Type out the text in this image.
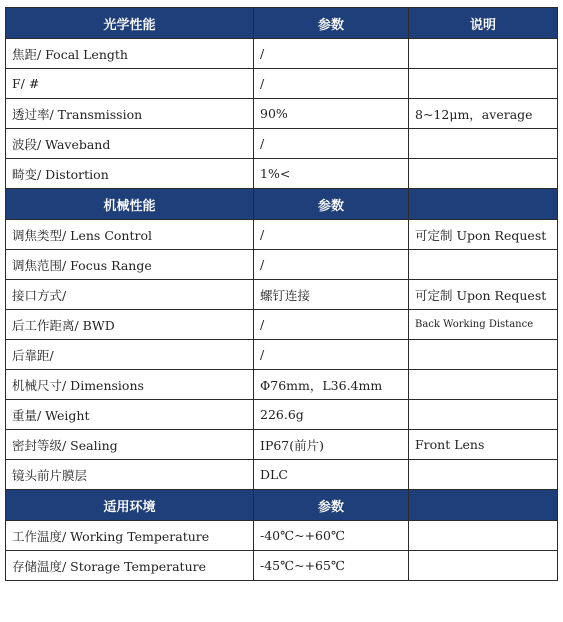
光学性能	参数	说明
焦距/ Focal Length	/	
F/ #	/	
透过率/ Transmission	90%	8~12μm，average
波段/ Waveband	/	
畸变/ Distortion	1%<	
机械性能	参数	
调焦类型/ Lens Control	/	可定制 Upon Request
调焦范围/ Focus Range	/	
接口方式/	螺钉连接	可定制 Upon Request
后工作距离/ BWD	/	Back Working Distance
后靠距/	/	
机械尺寸/ Dimensions	Φ76mm，L36.4mm	
重量/ Weight	226.6g	
密封等级/ Sealing	IP67(前片)	Front Lens
镜头前片膜层	DLC	
适用环境	参数	
工作温度/ Working Temperature	-40℃~+60℃	
存储温度/ Storage Temperature	-45℃~+65℃	
